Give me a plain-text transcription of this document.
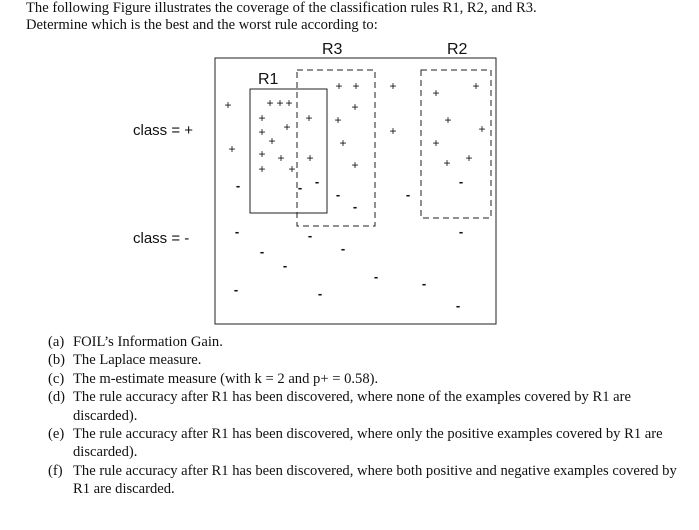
The following Figure illustrates the coverage of the classification rules R1, R2, and R3.

Determine which is the best and the worst rule according to:

R1
R3	R2
class = +
class = -
+
+
+ + +
+
+
+
+
+ +
+ +
+
+
+ +
+
+
+
+
+
+
+	+
+
+
+
+ +
-
-
-
-
-
- -
-
-
-
-
-
-
-
-
-
-
-
(a) FOIL’s Information Gain.
(b) The Laplace measure.
(c) The m-estimate measure (with k = 2 and p+ = 0.58).
(d) The rule accuracy after R1 has been discovered, where none of the examples covered by R1 are discarded).
(e) The rule accuracy after R1 has been discovered, where only the positive examples covered by R1 are discarded).
(f) The rule accuracy after R1 has been discovered, where both positive and negative examples covered by R1 are discarded.
